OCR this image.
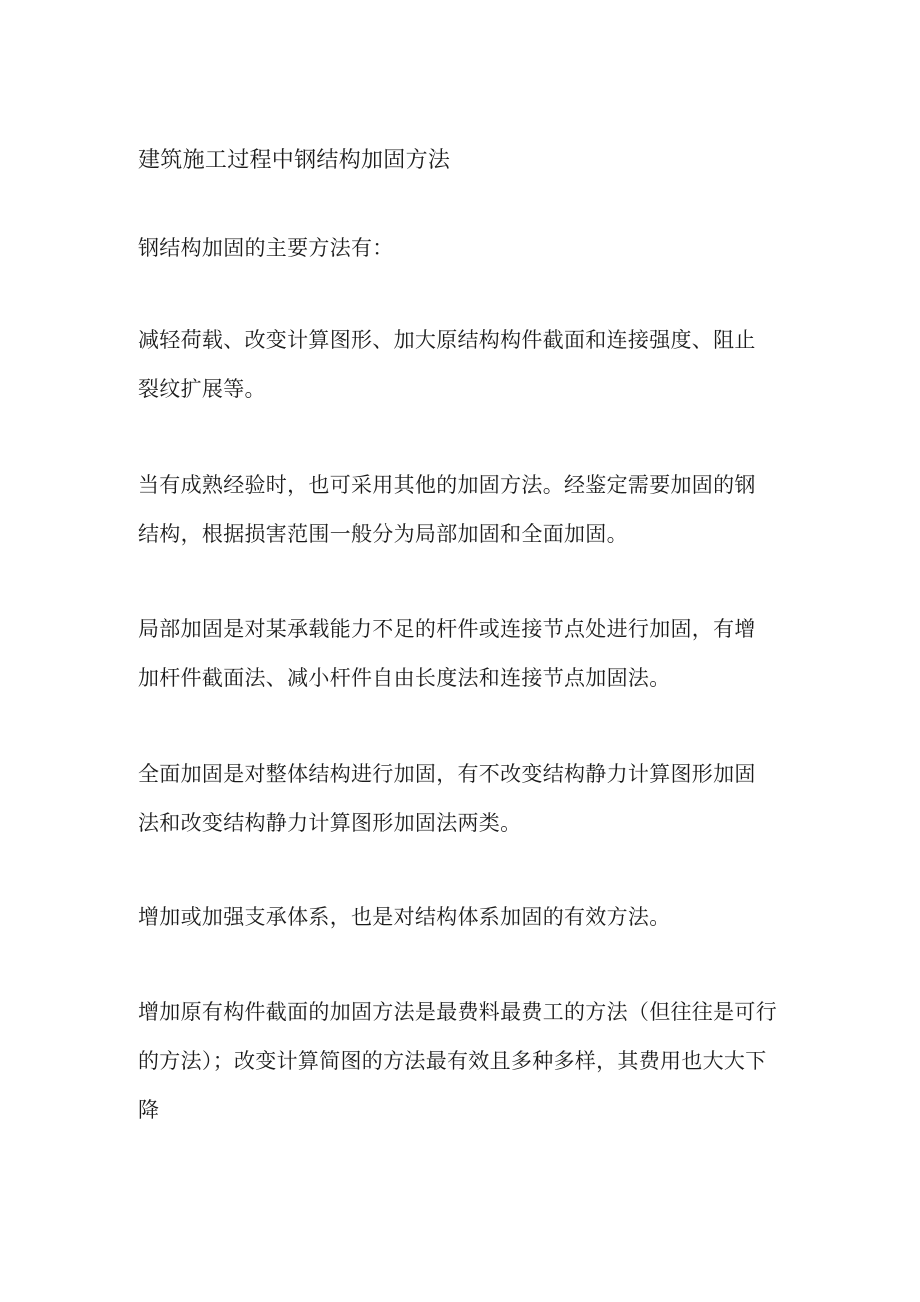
建筑施工过程中钢结构加固方法
钢结构加固的主要方法有：
减轻荷载、改变计算图形、加大原结构构件截面和连接强度、阻止
裂纹扩展等。
当有成熟经验时，也可采用其他的加固方法。经鉴定需要加固的钢
结构，根据损害范围一般分为局部加固和全面加固。
局部加固是对某承载能力不足的杆件或连接节点处进行加固，有增
加杆件截面法、减小杆件自由长度法和连接节点加固法。
全面加固是对整体结构进行加固，有不改变结构静力计算图形加固
法和改变结构静力计算图形加固法两类。
增加或加强支承体系，也是对结构体系加固的有效方法。
增加原有构件截面的加固方法是最费料最费工的方法（但往往是可行
的方法）；改变计算简图的方法最有效且多种多样，其费用也大大下
降
